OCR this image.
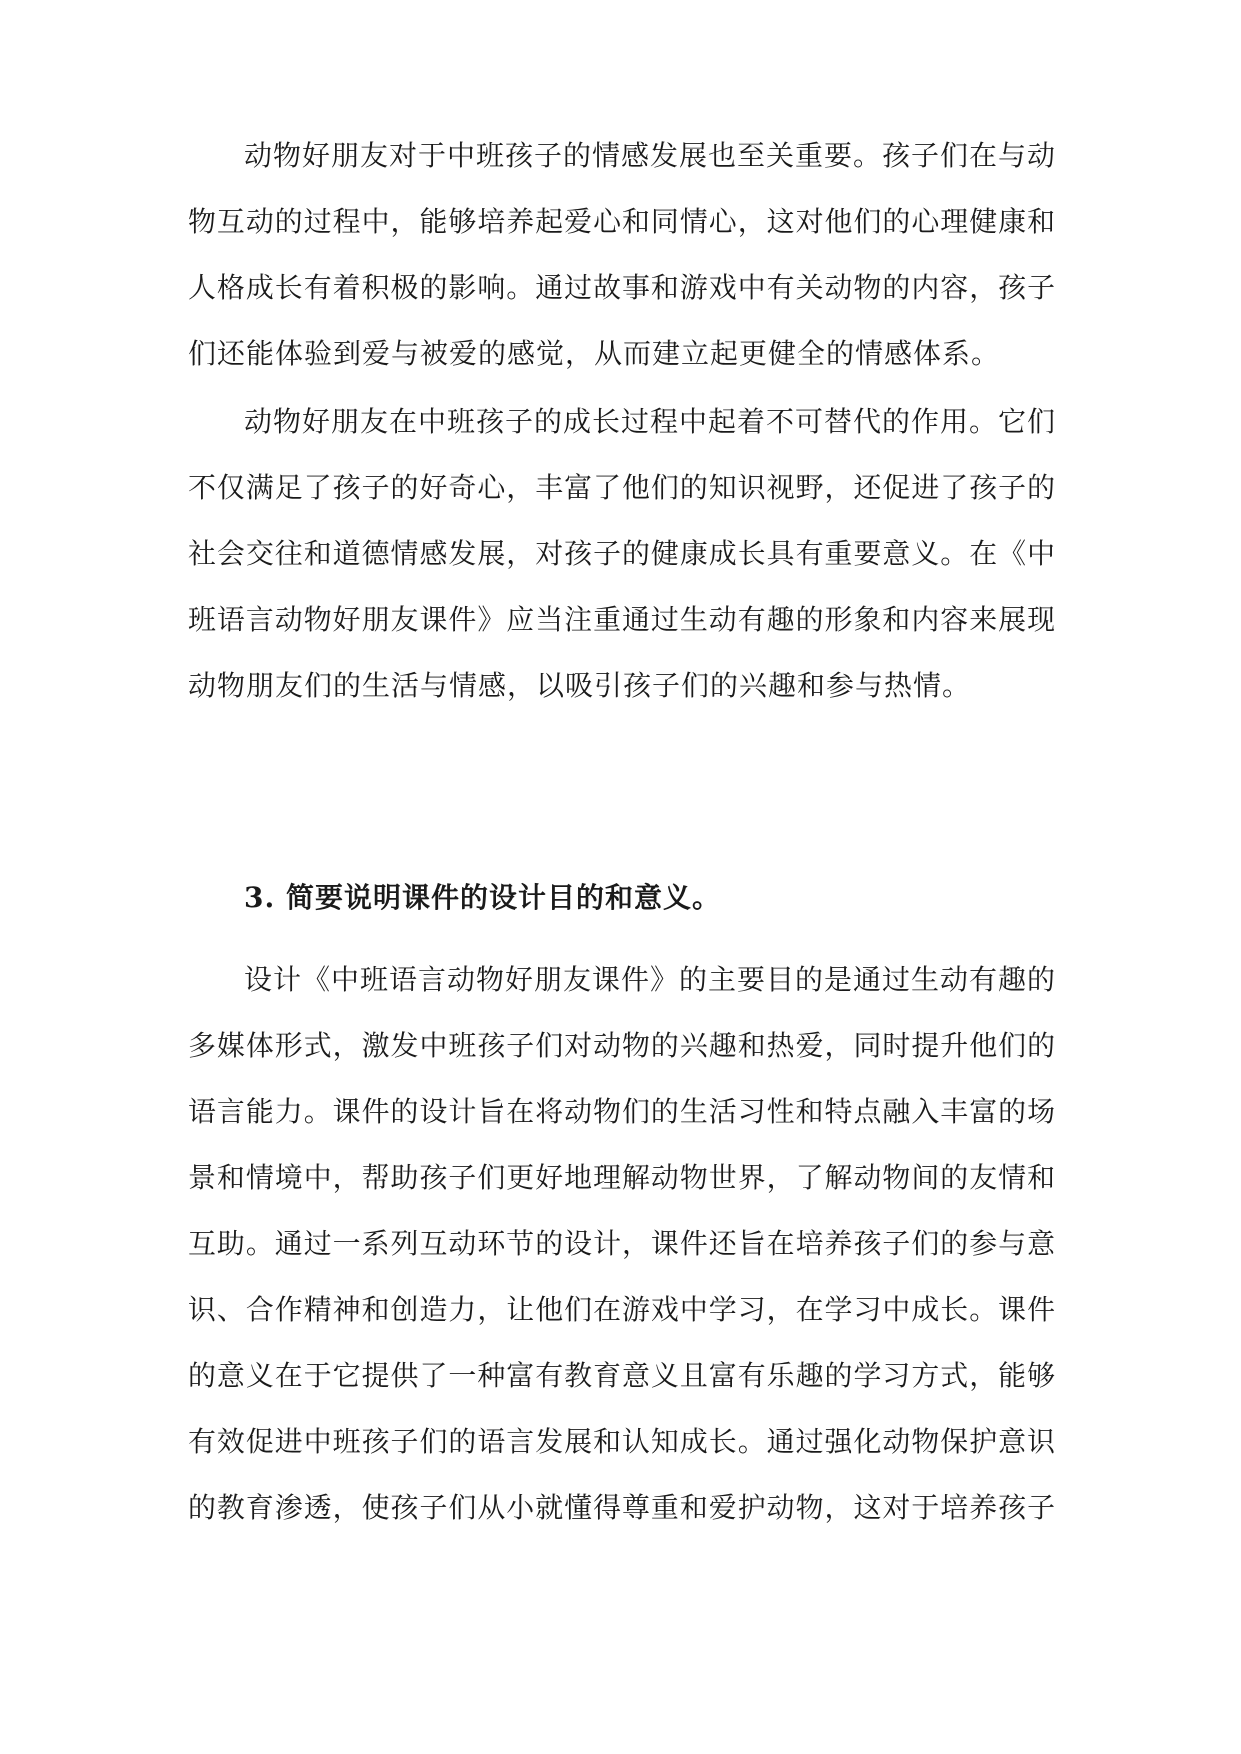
动物好朋友对于中班孩子的情感发展也至关重要。孩子们在与动
物互动的过程中，能够培养起爱心和同情心，这对他们的心理健康和
人格成长有着积极的影响。通过故事和游戏中有关动物的内容，孩子
们还能体验到爱与被爱的感觉，从而建立起更健全的情感体系。
动物好朋友在中班孩子的成长过程中起着不可替代的作用。它们
不仅满足了孩子的好奇心，丰富了他们的知识视野，还促进了孩子的
社会交往和道德情感发展，对孩子的健康成长具有重要意义。在《中
班语言动物好朋友课件》应当注重通过生动有趣的形象和内容来展现
动物朋友们的生活与情感，以吸引孩子们的兴趣和参与热情。
3. 简要说明课件的设计目的和意义。
设计《中班语言动物好朋友课件》的主要目的是通过生动有趣的
多媒体形式，激发中班孩子们对动物的兴趣和热爱，同时提升他们的
语言能力。课件的设计旨在将动物们的生活习性和特点融入丰富的场
景和情境中，帮助孩子们更好地理解动物世界，了解动物间的友情和
互助。通过一系列互动环节的设计，课件还旨在培养孩子们的参与意
识、合作精神和创造力，让他们在游戏中学习，在学习中成长。课件
的意义在于它提供了一种富有教育意义且富有乐趣的学习方式，能够
有效促进中班孩子们的语言发展和认知成长。通过强化动物保护意识
的教育渗透，使孩子们从小就懂得尊重和爱护动物，这对于培养孩子
